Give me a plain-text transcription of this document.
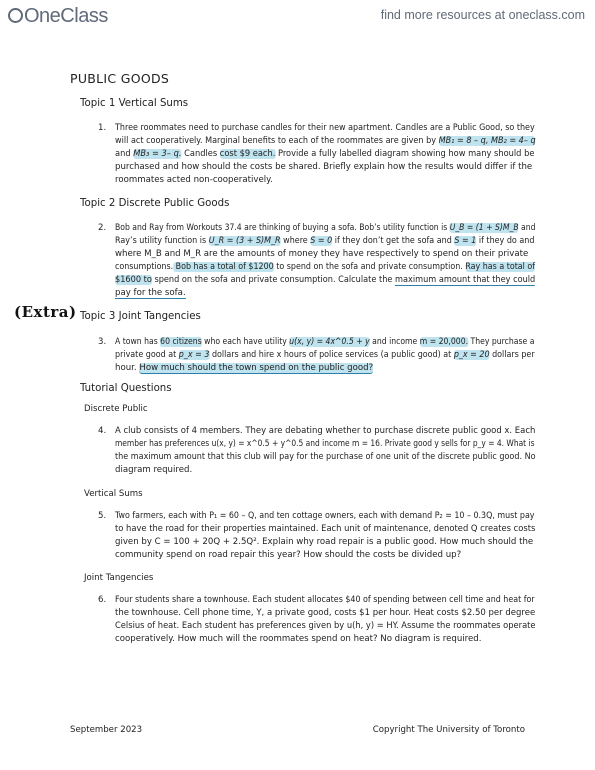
OneClass	find more resources at oneclass.com
PUBLIC GOODS
Topic 1 Vertical Sums
1. Three roommates need to purchase candles for their new apartment. Candles are a Public Good, so they

will act cooperatively. Marginal benefits to each of the roommates are given by MB₁ = 8 – q, MB₂ = 4– q

and MB₃ = 3– q. Candles cost $9 each. Provide a fully labelled diagram showing how many should be

purchased and how should the costs be shared. Briefly explain how the results would differ if the

roommates acted non-cooperatively.

Topic 2 Discrete Public Goods
2. Bob and Ray from Workouts 37.4 are thinking of buying a sofa. Bob’s utility function is U_B = (1 + S)M_B and

Ray’s utility function is U_R = (3 + S)M_R where S = 0 if they don’t get the sofa and S = 1 if they do and

where M_B and M_R are the amounts of money they have respectively to spend on their private

consumptions. Bob has a total of $1200 to spend on the sofa and private consumption. Ray has a total of

$1600 to spend on the sofa and private consumption. Calculate the maximum amount that they could

pay for the sofa.

(Extra) Topic 3 Joint Tangencies
3. A town has 60 citizens who each have utility u(x, y) = 4x^0.5 + y and income m = 20,000. They purchase a

private good at p_x = 3 dollars and hire x hours of police services (a public good) at p_x = 20 dollars per

hour. How much should the town spend on the public good?

Tutorial Questions
Discrete Public
4. A club consists of 4 members. They are debating whether to purchase discrete public good x. Each

member has preferences u(x, y) = x^0.5 + y^0.5 and income m = 16. Private good y sells for p_y = 4. What is

the maximum amount that this club will pay for the purchase of one unit of the discrete public good. No

diagram required.

Vertical Sums
5. Two farmers, each with P₁ = 60 – Q, and ten cottage owners, each with demand P₂ = 10 – 0.3Q, must pay

to have the road for their properties maintained. Each unit of maintenance, denoted Q creates costs

given by C = 100 + 20Q + 2.5Q². Explain why road repair is a public good. How much should the

community spend on road repair this year? How should the costs be divided up?

Joint Tangencies
6. Four students share a townhouse. Each student allocates $40 of spending between cell time and heat for

the townhouse. Cell phone time, Y, a private good, costs $1 per hour. Heat costs $2.50 per degree

Celsius of heat. Each student has preferences given by u(h, y) = HY. Assume the roommates operate

cooperatively. How much will the roommates spend on heat? No diagram is required.

September 2023	Copyright The University of Toronto
